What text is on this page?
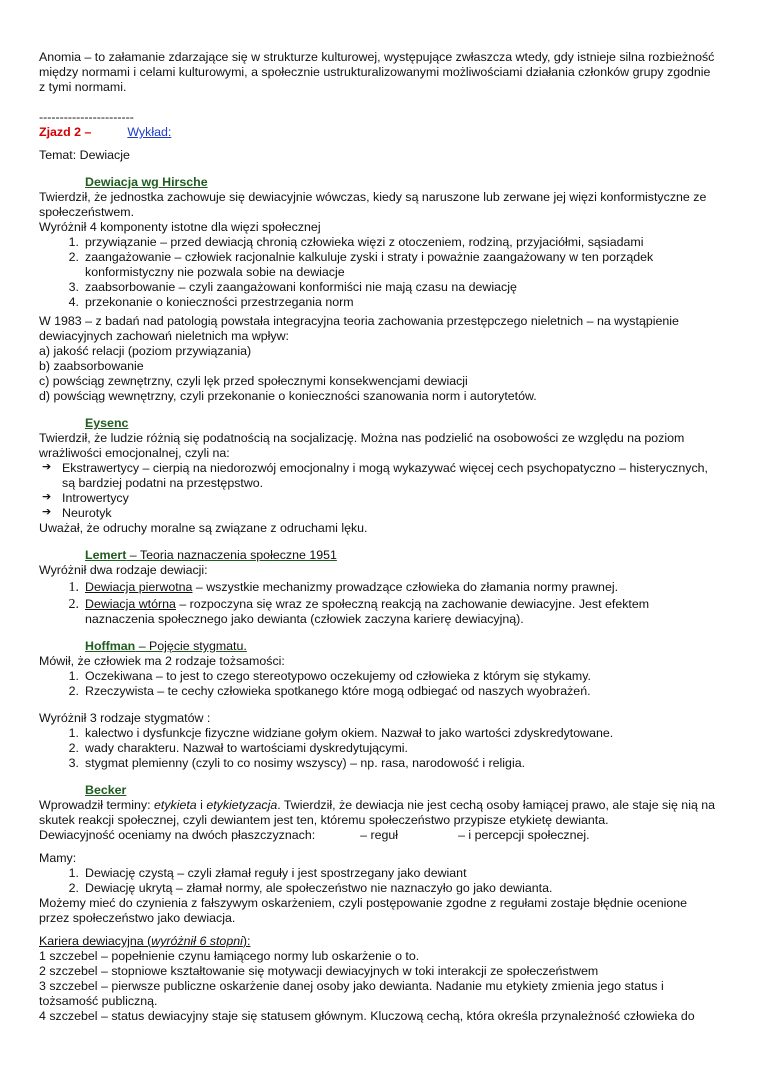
Anomia – to załamanie zdarzające się w strukturze kulturowej, występujące zwłaszcza wtedy, gdy istnieje silna rozbieżność między normami i celami kulturowymi, a społecznie ustrukturalizowanymi możliwościami działania członków grupy zgodnie z tymi normami.

-----------------------

Zjazd 2 –	Wykład:

Temat: Dewiacje

Dewiacja wg Hirsche

Twierdził, że jednostka zachowuje się dewiacyjnie wówczas, kiedy są naruszone lub zerwane jej więzi konformistyczne ze społeczeństwem.

Wyróżnił 4 komponenty istotne dla więzi społecznej

1. przywiązanie – przed dewiacją chronią człowieka więzi z otoczeniem, rodziną, przyjaciółmi, sąsiadami
2. zaangażowanie – człowiek racjonalnie kalkuluje zyski i straty i poważnie zaangażowany w ten porządek konformistyczny nie pozwala sobie na dewiacje
3. zaabsorbowanie – czyli zaangażowani konformiści nie mają czasu na dewiację
4. przekonanie o konieczności przestrzegania norm

W 1983 – z badań nad patologią powstała integracyjna teoria zachowania przestępczego nieletnich – na wystąpienie dewiacyjnych zachowań nieletnich ma wpływ:

a) jakość relacji (poziom przywiązania)

b) zaabsorbowanie

c) powściąg zewnętrzny, czyli lęk przed społecznymi konsekwencjami dewiacji

d) powściąg wewnętrzny, czyli przekonanie o konieczności szanowania norm i autorytetów.

Eysenc

Twierdził, że ludzie różnią się podatnością na socjalizację. Można nas podzielić na osobowości ze względu na poziom wrażliwości emocjonalnej, czyli na:

➔ Ekstrawertycy – cierpią na niedorozwój emocjonalny i mogą wykazywać więcej cech psychopatyczno – histerycznych, są bardziej podatni na przestępstwo.
➔ Introwertycy
➔ Neurotyk

Uważał, że odruchy moralne są związane z odruchami lęku.

Lemert – Teoria naznaczenia społeczne 1951

Wyróżnił dwa rodzaje dewiacji:

1. Dewiacja pierwotna – wszystkie mechanizmy prowadzące człowieka do złamania normy prawnej.
2. Dewiacja wtórna – rozpoczyna się wraz ze społeczną reakcją na zachowanie dewiacyjne. Jest efektem naznaczenia społecznego jako dewianta (człowiek zaczyna karierę dewiacyjną).

Hoffman – Pojęcie stygmatu.

Mówił, że człowiek ma 2 rodzaje tożsamości:

1. Oczekiwana – to jest to czego stereotypowo oczekujemy od człowieka z którym się stykamy.
2. Rzeczywista – te cechy człowieka spotkanego które mogą odbiegać od naszych wyobrażeń.

Wyróżnił 3 rodzaje stygmatów :

1. kalectwo i dysfunkcje fizyczne widziane gołym okiem. Nazwał to jako wartości zdyskredytowane.
2. wady charakteru. Nazwał to wartościami dyskredytującymi.
3. stygmat plemienny (czyli to co nosimy wszyscy) – np. rasa, narodowość i religia.

Becker

Wprowadził terminy: etykieta i etykietyzacja. Twierdził, że dewiacja nie jest cechą osoby łamiącej prawo, ale staje się nią na skutek reakcji społecznej, czyli dewiantem jest ten, któremu społeczeństwo przypisze etykietę dewianta.

Dewiacyjność oceniamy na dwóch płaszczyznach:	– reguł	– i percepcji społecznej.

Mamy:

1. Dewiację czystą – czyli złamał reguły i jest spostrzegany jako dewiant
2. Dewiację ukrytą – złamał normy, ale społeczeństwo nie naznaczyło go jako dewianta.

Możemy mieć do czynienia z fałszywym oskarżeniem, czyli postępowanie zgodne z regułami zostaje błędnie ocenione przez społeczeństwo jako dewiacja.

Kariera dewiacyjna (wyróżnił 6 stopni):

1 szczebel – popełnienie czynu łamiącego normy lub oskarżenie o to.

2 szczebel – stopniowe kształtowanie się motywacji dewiacyjnych w toki interakcji ze społeczeństwem

3 szczebel – pierwsze publiczne oskarżenie danej osoby jako dewianta. Nadanie mu etykiety zmienia jego status i tożsamość publiczną.

4 szczebel – status dewiacyjny staje się statusem głównym. Kluczową cechą, która określa przynależność człowieka do
